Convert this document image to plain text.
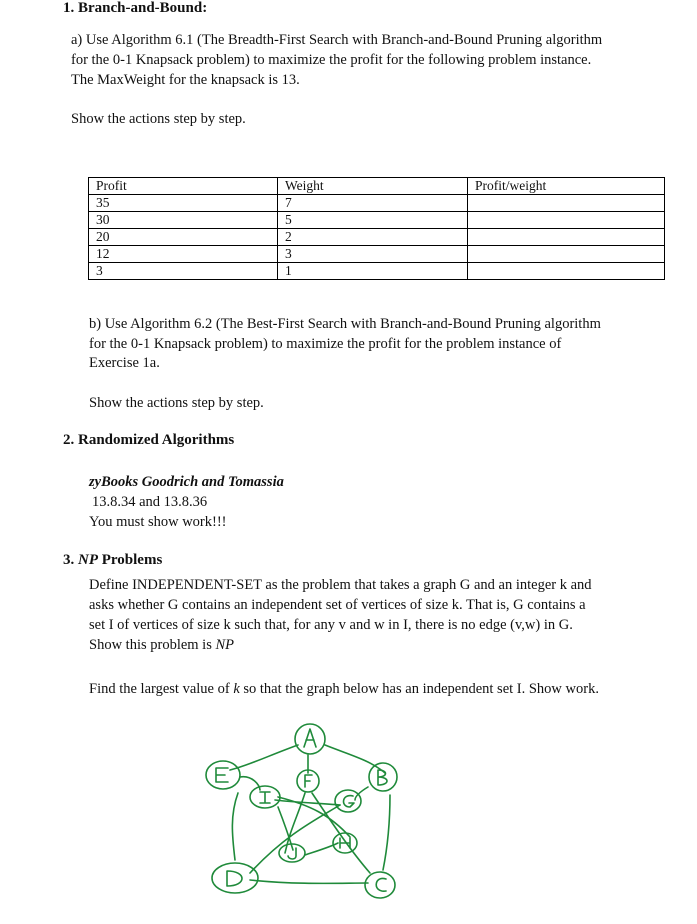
1. Branch-and-Bound:
a) Use Algorithm 6.1 (The Breadth-First Search with Branch-and-Bound Pruning algorithm
for the 0-1 Knapsack problem) to maximize the profit for the following problem instance.
The MaxWeight for the knapsack is 13.
Show the actions step by step.
Profit	Weight	Profit/weight
35	7	
30	5	
20	2	
12	3	
3	1	
b) Use Algorithm 6.2 (The Best-First Search with Branch-and-Bound Pruning algorithm
for the 0-1 Knapsack problem) to maximize the profit for the problem instance of
Exercise 1a.
Show the actions step by step.
2. Randomized Algorithms
zyBooks Goodrich and Tomassia
13.8.34 and 13.8.36
You must show work!!!
3. NP Problems
Define INDEPENDENT-SET as the problem that takes a graph G and an integer k and
asks whether G contains an independent set of vertices of size k. That is, G contains a
set I of vertices of size k such that, for any v and w in I, there is no edge (v,w) in G.
Show this problem is NP
Find the largest value of k so that the graph below has an independent set I. Show work.
